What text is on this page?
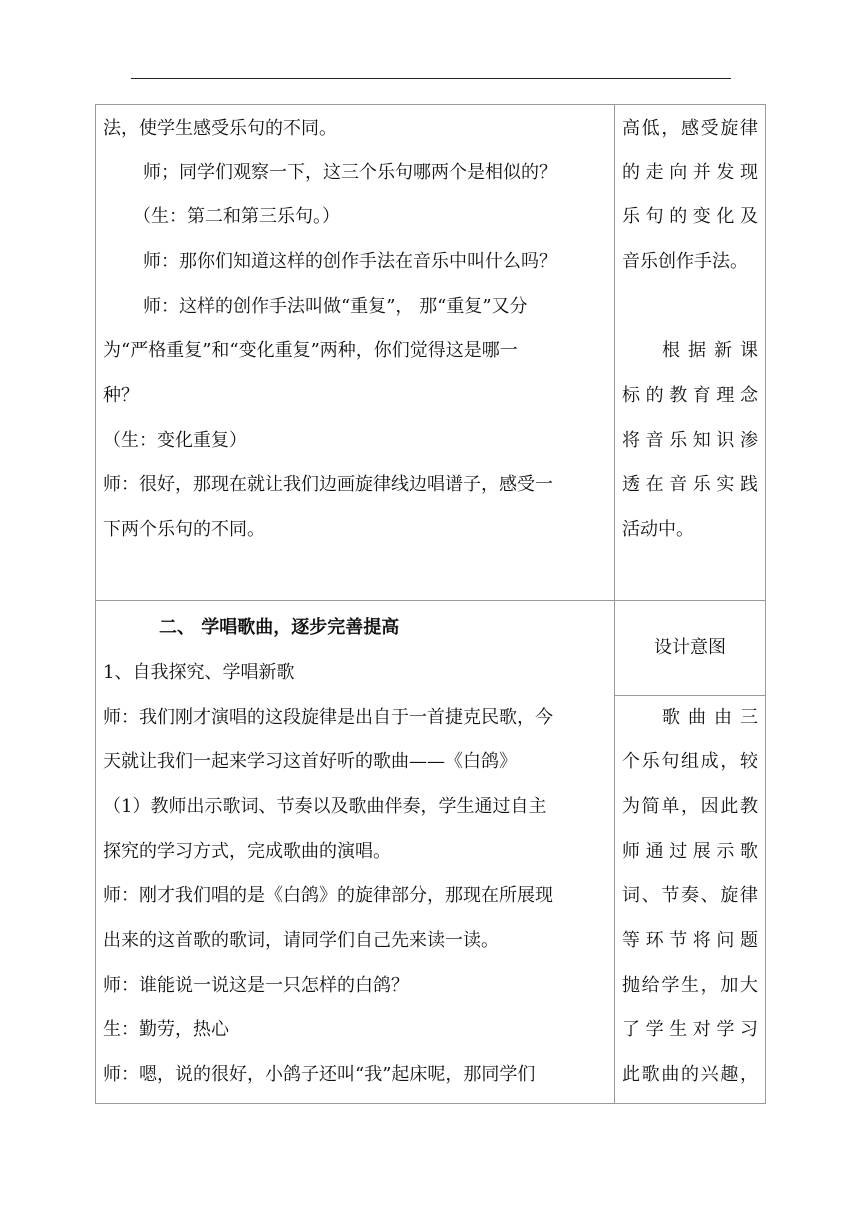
法，使学生感受乐句的不同。
师；同学们观察一下，这三个乐句哪两个是相似的？
（生：第二和第三乐句。）
师：那你们知道这样的创作手法在音乐中叫什么吗？
师：这样的创作手法叫做“重复”， 那“重复”又分
为“严格重复”和“变化重复”两种，你们觉得这是哪一
种？
（生：变化重复）
师：很好，那现在就让我们边画旋律线边唱谱子，感受一
下两个乐句的不同。
二、 学唱歌曲，逐步完善提高
1、自我探究、学唱新歌
师：我们刚才演唱的这段旋律是出自于一首捷克民歌，今
天就让我们一起来学习这首好听的歌曲——《白鸽》
（1）教师出示歌词、节奏以及歌曲伴奏，学生通过自主
探究的学习方式，完成歌曲的演唱。
师：刚才我们唱的是《白鸽》的旋律部分，那现在所展现
出来的这首歌的歌词，请同学们自己先来读一读。
师：谁能说一说这是一只怎样的白鸽？
生：勤劳，热心
师：嗯，说的很好，小鸽子还叫“我”起床呢，那同学们
高低，感受旋律
的走向并发现
乐句的变化及
音乐创作手法。
根据新课
标的教育理念
将音乐知识渗
透在音乐实践
活动中。
设计意图
歌曲由三
个乐句组成，较
为简单，因此教
师通过展示歌
词、节奏、旋律
等环节将问题
抛给学生，加大
了学生对学习
此歌曲的兴趣，
